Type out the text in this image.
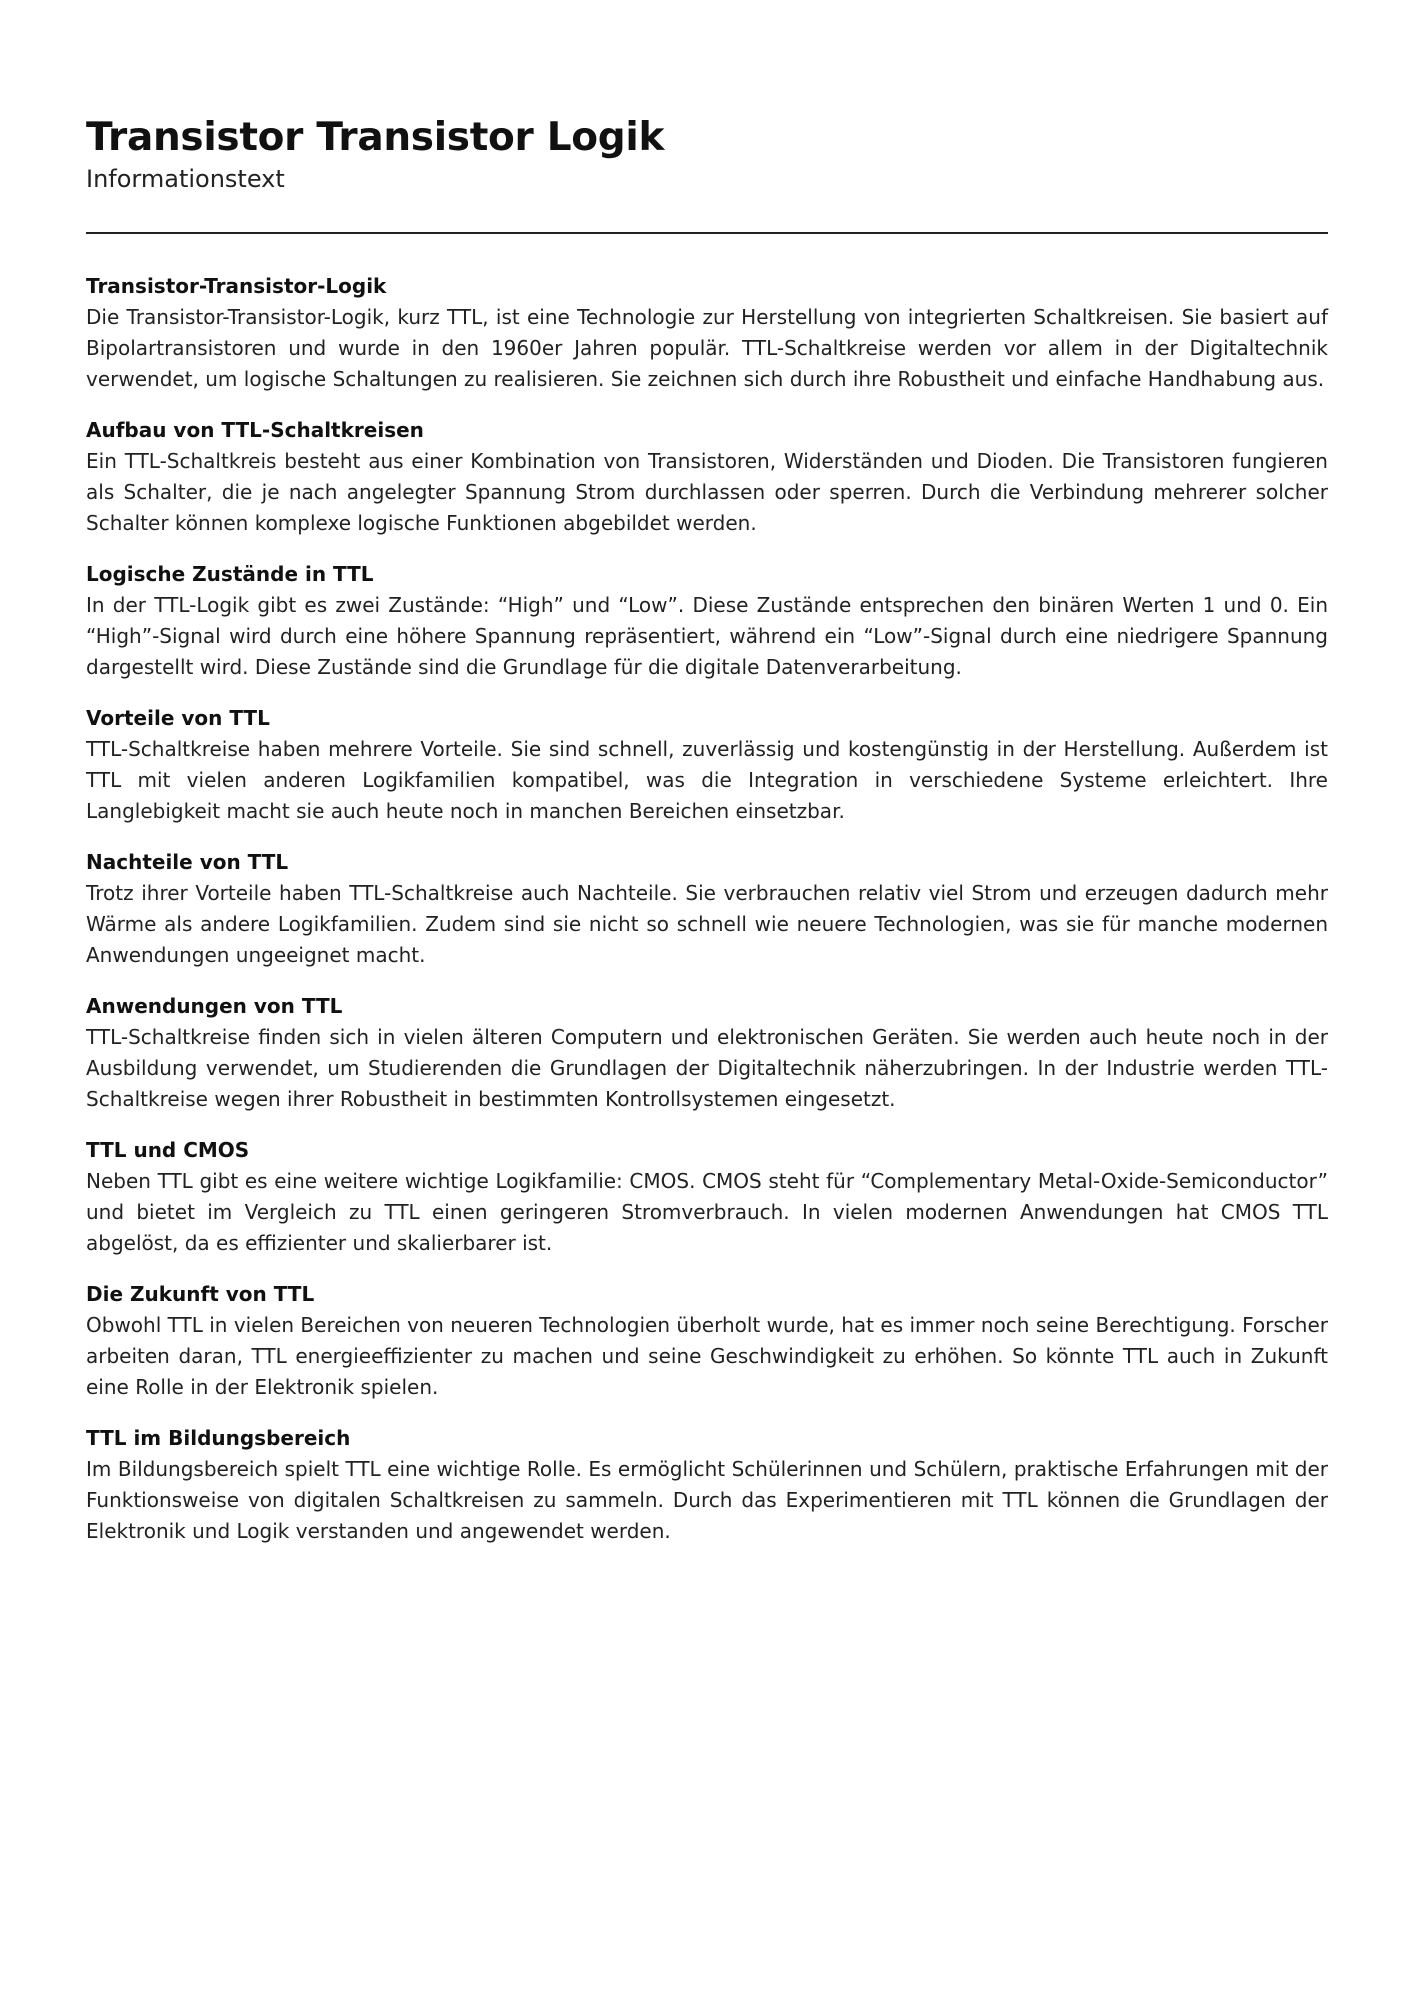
Transistor Transistor Logik
Informationstext
Transistor-Transistor-Logik

Die Transistor-Transistor-Logik, kurz TTL, ist eine Technologie zur Herstellung von integrierten Schaltkreisen. Sie basiert auf Bipolartransistoren und wurde in den 1960er Jahren populär. TTL-Schaltkreise werden vor allem in der Digitaltechnik verwendet, um logische Schaltungen zu realisieren. Sie zeichnen sich durch ihre Robustheit und einfache Handhabung aus.

Aufbau von TTL-Schaltkreisen

Ein TTL-Schaltkreis besteht aus einer Kombination von Transistoren, Widerständen und Dioden. Die Transistoren fungieren als Schalter, die je nach angelegter Spannung Strom durchlassen oder sperren. Durch die Verbindung mehrerer solcher Schalter können komplexe logische Funktionen abgebildet werden.

Logische Zustände in TTL

In der TTL-Logik gibt es zwei Zustände: “High” und “Low”. Diese Zustände entsprechen den binären Werten 1 und 0. Ein “High”-Signal wird durch eine höhere Spannung repräsentiert, während ein “Low”-Signal durch eine niedrigere Spannung dargestellt wird. Diese Zustände sind die Grundlage für die digitale Datenverarbeitung.

Vorteile von TTL

TTL-Schaltkreise haben mehrere Vorteile. Sie sind schnell, zuverlässig und kostengünstig in der Herstellung. Außerdem ist TTL mit vielen anderen Logikfamilien kompatibel, was die Integration in verschiedene Systeme erleichtert. Ihre Langlebigkeit macht sie auch heute noch in manchen Bereichen einsetzbar.

Nachteile von TTL

Trotz ihrer Vorteile haben TTL-Schaltkreise auch Nachteile. Sie verbrauchen relativ viel Strom und erzeugen dadurch mehr Wärme als andere Logikfamilien. Zudem sind sie nicht so schnell wie neuere Technologien, was sie für manche modernen Anwendungen ungeeignet macht.

Anwendungen von TTL

TTL-Schaltkreise finden sich in vielen älteren Computern und elektronischen Geräten. Sie werden auch heute noch in der Ausbildung verwendet, um Studierenden die Grundlagen der Digitaltechnik näherzubringen. In der Industrie werden TTL-Schaltkreise wegen ihrer Robustheit in bestimmten Kontrollsystemen eingesetzt.

TTL und CMOS

Neben TTL gibt es eine weitere wichtige Logikfamilie: CMOS. CMOS steht für “Complementary Metal-Oxide-Semiconductor” und bietet im Vergleich zu TTL einen geringeren Stromverbrauch. In vielen modernen Anwendungen hat CMOS TTL abgelöst, da es effizienter und skalierbarer ist.

Die Zukunft von TTL

Obwohl TTL in vielen Bereichen von neueren Technologien überholt wurde, hat es immer noch seine Berechtigung. Forscher arbeiten daran, TTL energieeffizienter zu machen und seine Geschwindigkeit zu erhöhen. So könnte TTL auch in Zukunft eine Rolle in der Elektronik spielen.

TTL im Bildungsbereich

Im Bildungsbereich spielt TTL eine wichtige Rolle. Es ermöglicht Schülerinnen und Schülern, praktische Erfahrungen mit der Funktionsweise von digitalen Schaltkreisen zu sammeln. Durch das Experimentieren mit TTL können die Grundlagen der Elektronik und Logik verstanden und angewendet werden.
